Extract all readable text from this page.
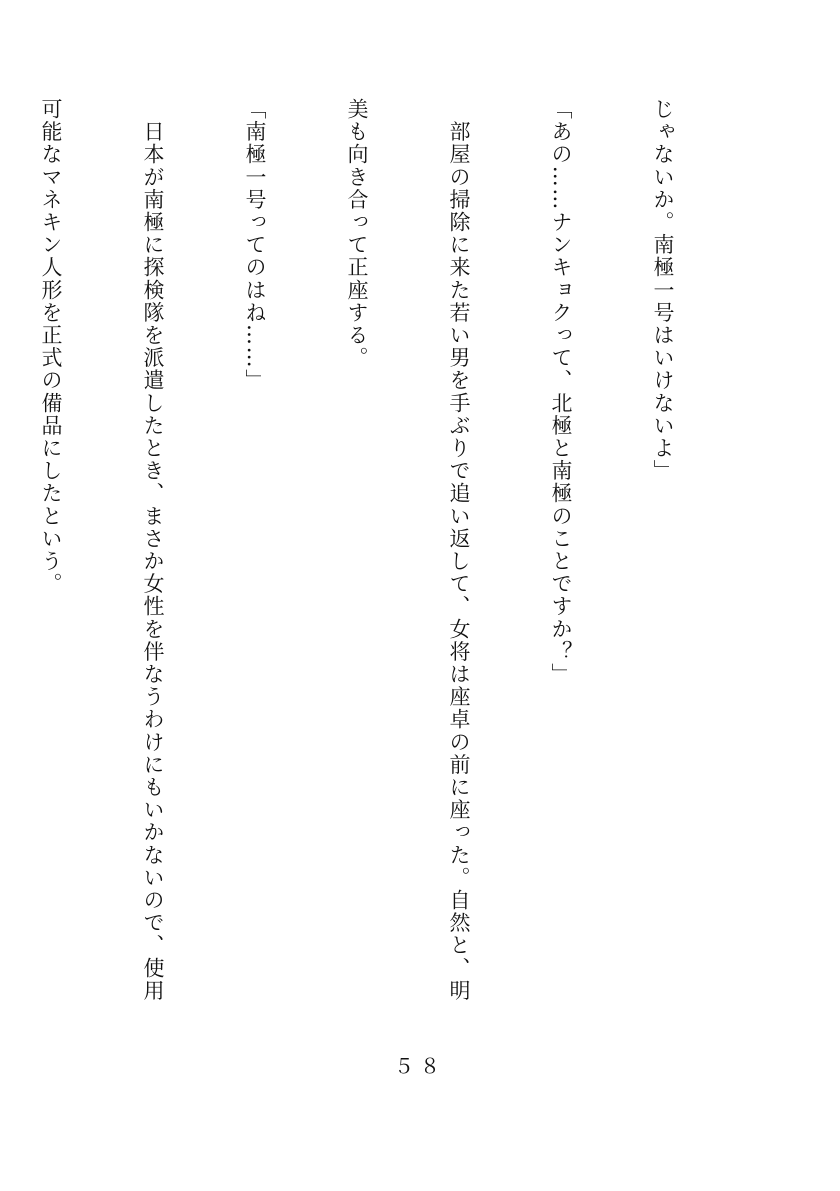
じゃないか。南極一号はいけないよ」

「あの……ナンキョクって、北極と南極のことですか？」

　部屋の掃除に来た若い男を手ぶりで追い返して、女将は座卓の前に座った。自然と、明

美も向き合って正座する。

「南極一号ってのはね……」

　日本が南極に探検隊を派遣したとき、まさか女性を伴なうわけにもいかないので、使用

可能なマネキン人形を正式の備品にしたという。

５８
